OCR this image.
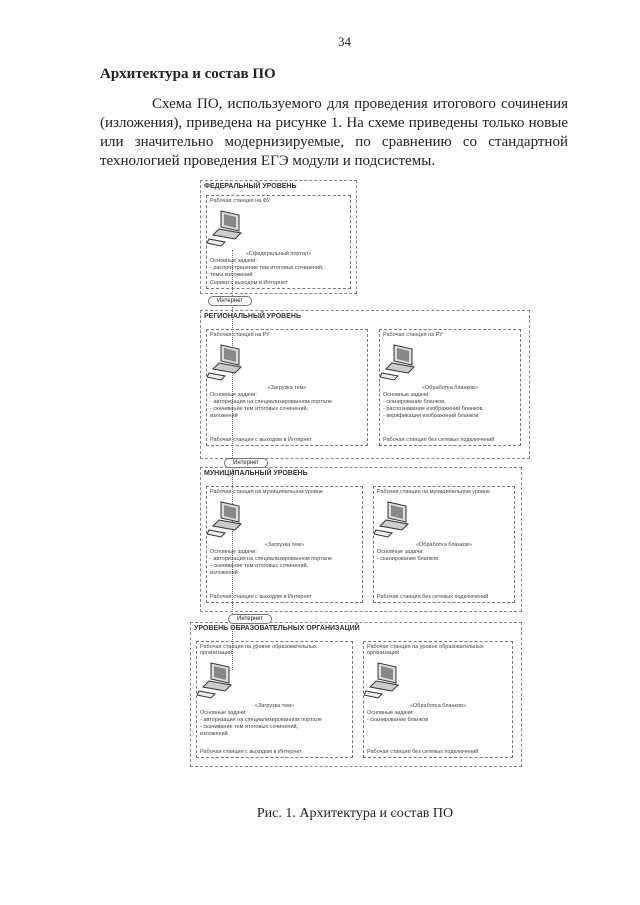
34
Архитектура и состав ПО
Схема ПО, используемого для проведения итогового сочинения (изложения), приведена на рисунке 1. На схеме приведены только новые или значительно модернизируемые, по сравнению со стандартной технологией проведения ЕГЭ модули и подсистемы.
ФЕДЕРАЛЬНЫЙ УРОВЕНЬ
Рабочая станция на ФУ
«Сфедеральный портал»
Основные задачи:
- распространение тем итоговых сочинений,
темы изложений
Сервер с выходом в Интернет
РЕГИОНАЛЬНЫЙ УРОВЕНЬ
Рабочая станция на РУ
«Загрузка тем»
Основные задачи:
- авторизация на специализированном портале
- скачивание тем итоговых сочинений,
изложений
Рабочая станция с выходом в Интернет
Рабочая станция на РУ
«Обработка бланков»
Основные задачи:
- сканирование бланков,
- распознавание изображений бланков,
- верификация изображений бланков
Рабочая станция без сетевых подключений
МУНИЦИПАЛЬНЫЙ УРОВЕНЬ
Рабочая станция на муниципальном уровне
«Загрузка тем»
Основные задачи:
- авторизация на специализированном портале
- скачивание тем итоговых сочинений,
изложений
Рабочая станция с выходом в Интернет
Рабочая станция на муниципальном уровне
«Обработка бланков»
Основные задачи:
- сканирование бланков
Рабочая станция без сетевых подключений
УРОВЕНЬ ОБРАЗОВАТЕЛЬНЫХ ОРГАНИЗАЦИЙ
Рабочая станция на уровне образовательных организаций
«Загрузка тем»
Основные задачи:
- авторизация на специализированном портале
- скачивание тем итоговых сочинений,
изложений
Рабочая станция с выходом в Интернет
Рабочая станция на уровне образовательных организаций
«Обработка бланков»
Основные задачи:
- сканирование бланков
Рабочая станция без сетевых подключений
Интернет
Интернет
Интернет
Рис. 1. Архитектура и состав ПО
